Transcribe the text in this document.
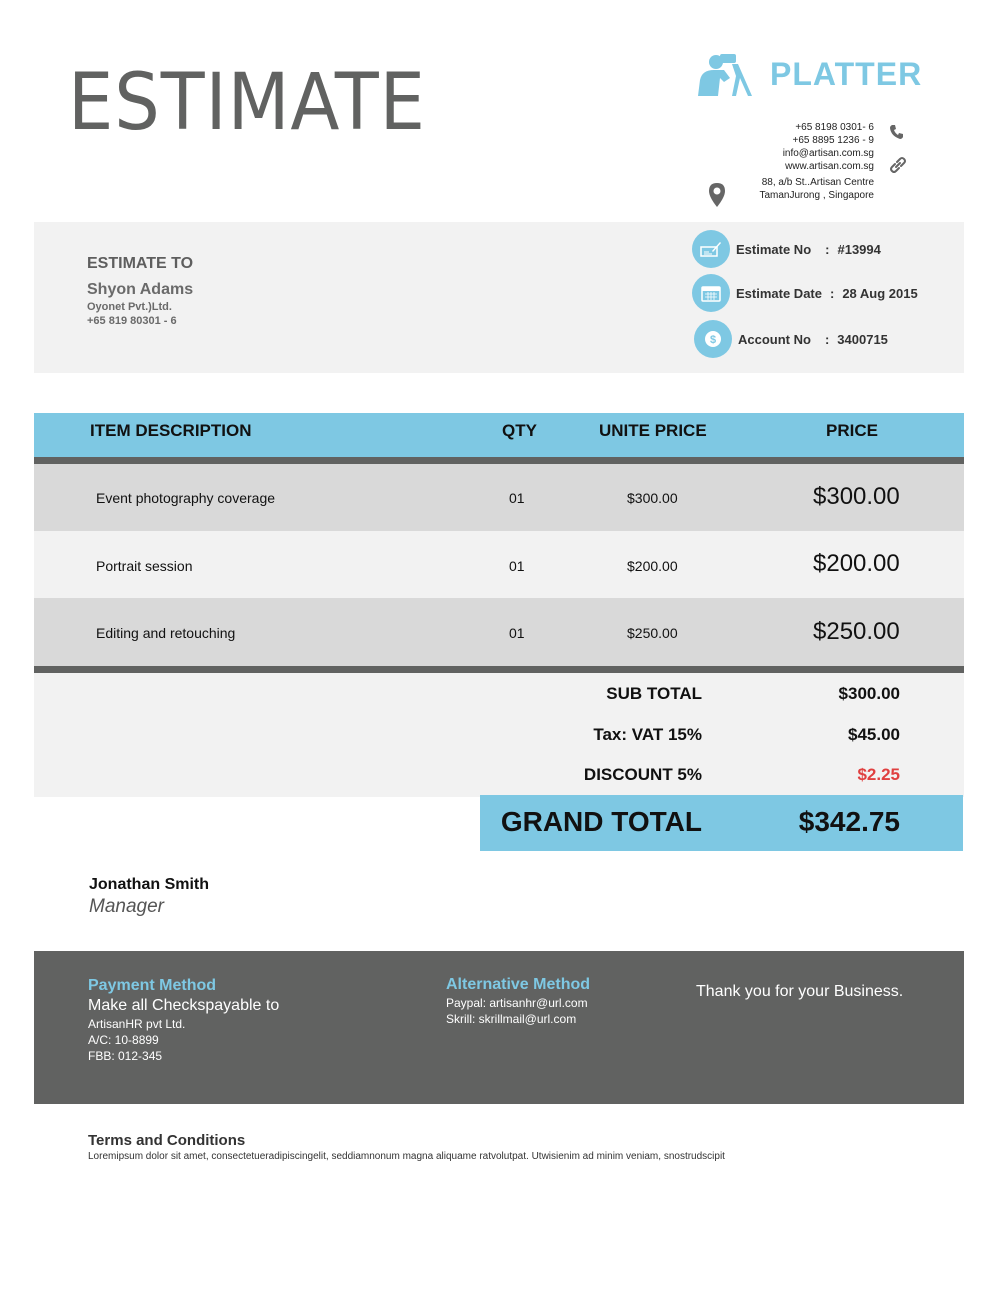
ESTIMATE	PLATTER
+65 8198 0301- 6
+65 8895 1236 - 9
info@artisan.com.sg
www.artisan.com.sg
88, a/b St..Artisan Centre
TamanJurong , Singapore
ESTIMATE TO
Shyon Adams
Oyonet Pvt.)Ltd.
+65 819 80301 - 6
Estimate No : #13994
Estimate Date : 28 Aug 2015
$ Account No : 3400715
ITEM DESCRIPTION	QTY	UNITE PRICE	PRICE
Event photography coverage	01	$300.00	$300.00
Portrait session	01	$200.00	$200.00
Editing and retouching	01	$250.00	$250.00
SUB TOTAL	$300.00
Tax: VAT 15%	$45.00
DISCOUNT 5%	$2.25
GRAND TOTAL	$342.75
Jonathan Smith
Manager
Payment Method
Make all Checkspayable to
ArtisanHR pvt Ltd.
A/C: 10-8899
FBB: 012-345
Alternative Method
Paypal: artisanhr@url.com
Skrill: skrillmail@url.com
Thank you for your Business.
Terms and Conditions
Loremipsum dolor sit amet, consectetueradipiscingelit, seddiamnonum magna aliquame ratvolutpat. Utwisienim ad minim veniam, snostrudscipit
